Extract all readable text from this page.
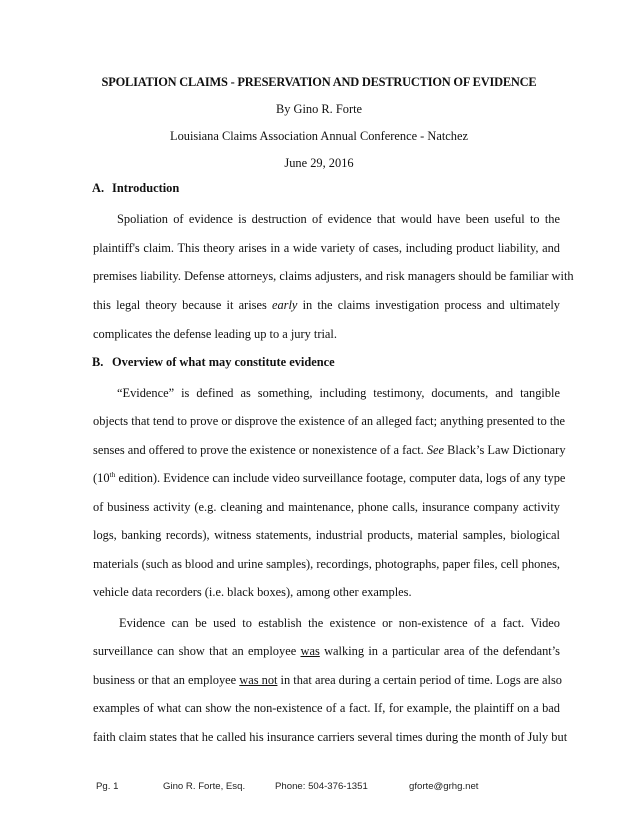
SPOLIATION CLAIMS - PRESERVATION AND DESTRUCTION OF EVIDENCE
By Gino R. Forte
Louisiana Claims Association Annual Conference - Natchez
June 29, 2016
A. Introduction
Spoliation of evidence is destruction of evidence that would have been useful to the
plaintiff's claim. This theory arises in a wide variety of cases, including product liability, and
premises liability. Defense attorneys, claims adjusters, and risk managers should be familiar with
this legal theory because it arises early in the claims investigation process and ultimately
complicates the defense leading up to a jury trial.
B. Overview of what may constitute evidence
“Evidence” is defined as something, including testimony, documents, and tangible
objects that tend to prove or disprove the existence of an alleged fact; anything presented to the
senses and offered to prove the existence or nonexistence of a fact. See Black’s Law Dictionary
(10th edition). Evidence can include video surveillance footage, computer data, logs of any type
of business activity (e.g. cleaning and maintenance, phone calls, insurance company activity
logs, banking records), witness statements, industrial products, material samples, biological
materials (such as blood and urine samples), recordings, photographs, paper files, cell phones,
vehicle data recorders (i.e. black boxes), among other examples.
Evidence can be used to establish the existence or non-existence of a fact. Video
surveillance can show that an employee was walking in a particular area of the defendant’s
business or that an employee was not in that area during a certain period of time. Logs are also
examples of what can show the non-existence of a fact. If, for example, the plaintiff on a bad
faith claim states that he called his insurance carriers several times during the month of July but
Pg. 1	Gino R. Forte, Esq.	Phone: 504-376-1351	gforte@grhg.net
